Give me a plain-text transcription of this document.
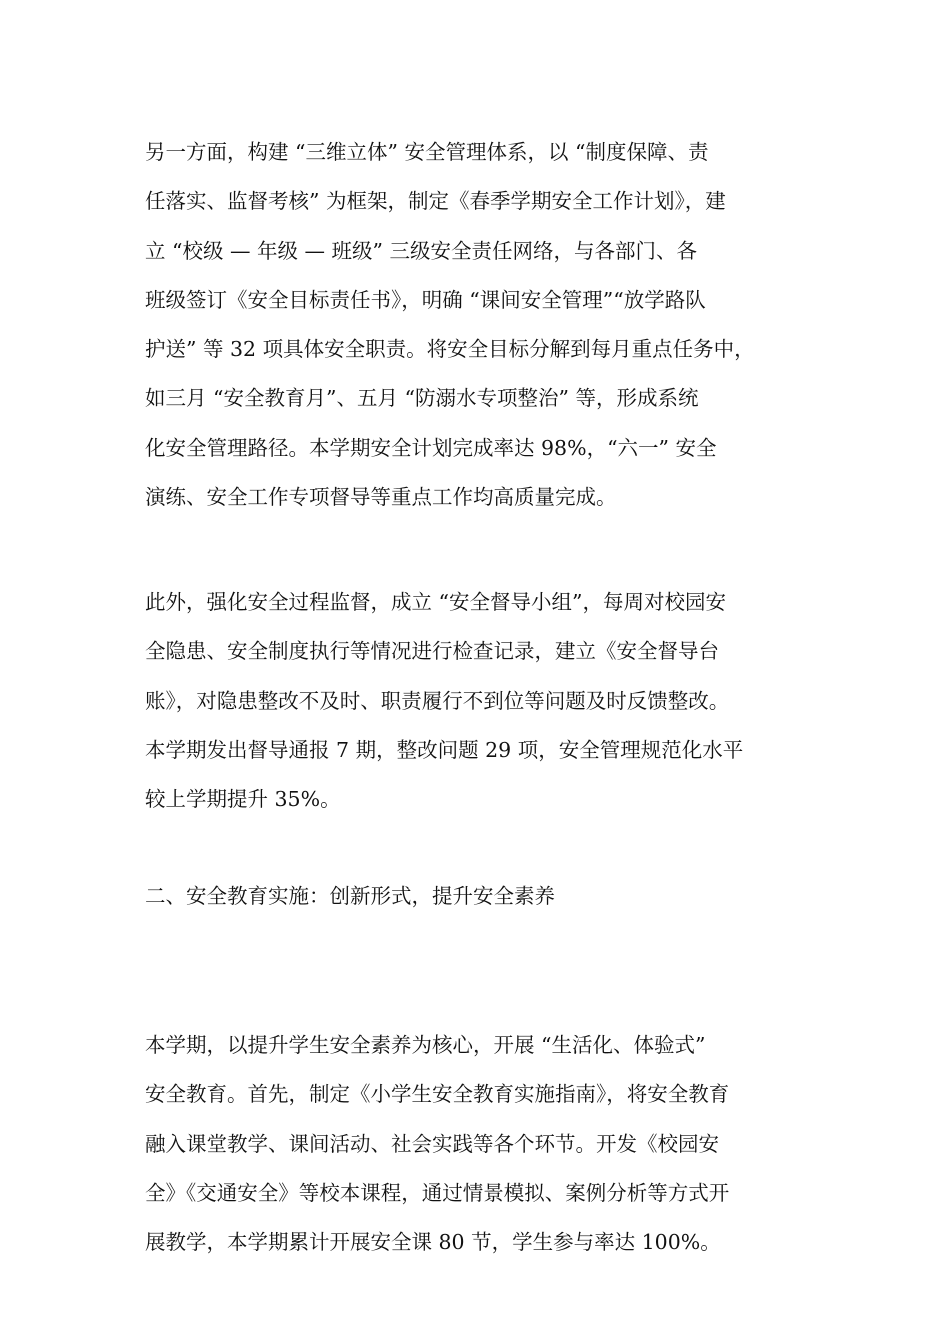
另一方面，构建 “三维立体” 安全管理体系，以 “制度保障、责
任落实、监督考核” 为框架，制定《春季学期安全工作计划》，建
立 “校级 — 年级 — 班级” 三级安全责任网络，与各部门、各
班级签订《安全目标责任书》，明确 “课间安全管理”“放学路队
护送” 等 32 项具体安全职责。将安全目标分解到每月重点任务中，
如三月 “安全教育月”、五月 “防溺水专项整治” 等，形成系统
化安全管理路径。本学期安全计划完成率达 98%，“六一” 安全
演练、安全工作专项督导等重点工作均高质量完成。
此外，强化安全过程监督，成立 “安全督导小组”，每周对校园安
全隐患、安全制度执行等情况进行检查记录，建立《安全督导台
账》，对隐患整改不及时、职责履行不到位等问题及时反馈整改。
本学期发出督导通报 7 期，整改问题 29 项，安全管理规范化水平
较上学期提升 35%。
二、安全教育实施：创新形式，提升安全素养
本学期，以提升学生安全素养为核心，开展 “生活化、体验式”
安全教育。首先，制定《小学生安全教育实施指南》，将安全教育
融入课堂教学、课间活动、社会实践等各个环节。开发《校园安
全》《交通安全》等校本课程，通过情景模拟、案例分析等方式开
展教学，本学期累计开展安全课 80 节，学生参与率达 100%。
